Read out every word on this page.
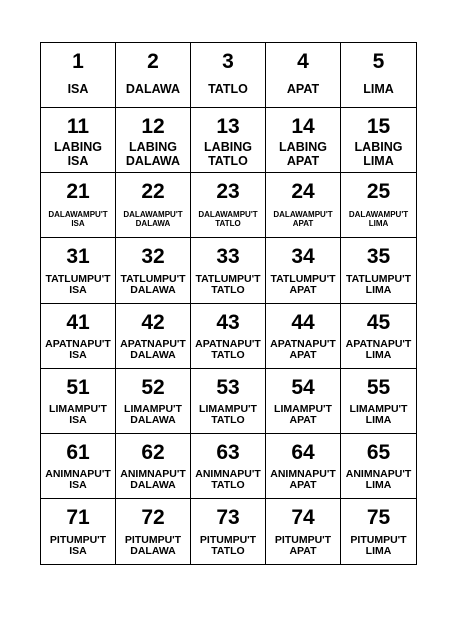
1
ISA
2
DALAWA
3
TATLO
4
APAT
5
LIMA
11
LABING ISA
12
LABING
DALAWA
13
LABING
TATLO
14
LABING
APAT
15
LABING
LIMA
21
DALAWAMPU'T
ISA
22
DALAWAMPU'T
DALAWA
23
DALAWAMPU'T
TATLO
24
DALAWAMPU'T
APAT
25
DALAWAMPU'T
LIMA
31
TATLUMPU'T
ISA
32
TATLUMPU'T
DALAWA
33
TATLUMPU'T
TATLO
34
TATLUMPU'T
APAT
35
TATLUMPU'T
LIMA
41
APATNAPU'T
ISA
42
APATNAPU'T
DALAWA
43
APATNAPU'T
TATLO
44
APATNAPU'T
APAT
45
APATNAPU'T
LIMA
51
LIMAMPU'T
ISA
52
LIMAMPU'T
DALAWA
53
LIMAMPU'T
TATLO
54
LIMAMPU'T
APAT
55
LIMAMPU'T
LIMA
61
ANIMNAPU'T
ISA
62
ANIMNAPU'T
DALAWA
63
ANIMNAPU'T
TATLO
64
ANIMNAPU'T
APAT
65
ANIMNAPU'T
LIMA
71
PITUMPU'T
ISA
72
PITUMPU'T
DALAWA
73
PITUMPU'T
TATLO
74
PITUMPU'T
APAT
75
PITUMPU'T
LIMA
